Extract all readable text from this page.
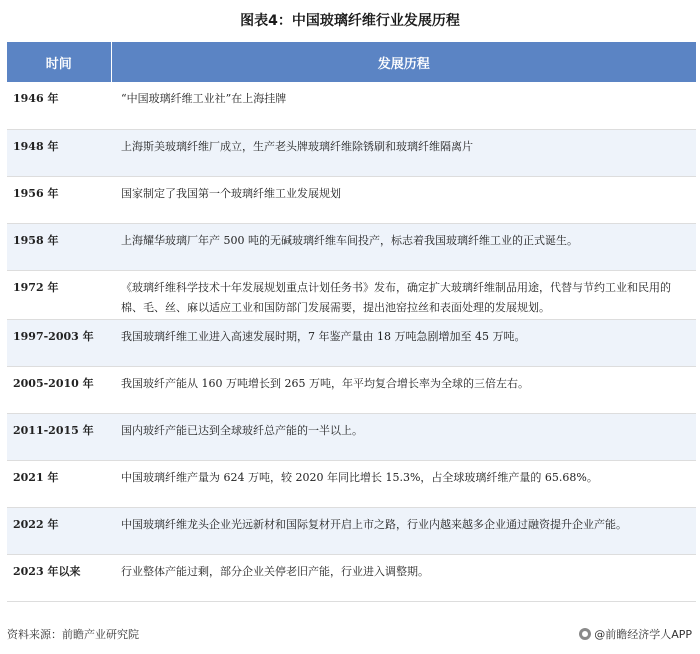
图表4：中国玻璃纤维行业发展历程
时间	发展历程
1946 年	“中国玻璃纤维工业社”在上海挂牌
1948 年	上海斯美玻璃纤维厂成立，生产老头牌玻璃纤维除锈刷和玻璃纤维隔离片
1956 年	国家制定了我国第一个玻璃纤维工业发展规划
1958 年	上海耀华玻璃厂年产 500 吨的无碱玻璃纤维车间投产，标志着我国玻璃纤维工业的正式诞生。
1972 年	《玻璃纤维科学技术十年发展规划重点计划任务书》发布，确定扩大玻璃纤维制品用途，代替与节约工业和民用的棉、毛、丝、麻以适应工业和国防部门发展需要，提出池窑拉丝和表面处理的发展规划。
1997-2003 年	我国玻璃纤维工业进入高速发展时期，7 年鉴产量由 18 万吨急剧增加至 45 万吨。
2005-2010 年	我国玻纤产能从 160 万吨增长到 265 万吨，年平均复合增长率为全球的三倍左右。
2011-2015 年	国内玻纤产能已达到全球玻纤总产能的一半以上。
2021 年	中国玻璃纤维产量为 624 万吨，较 2020 年同比增长 15.3%，占全球玻璃纤维产量的 65.68%。
2022 年	中国玻璃纤维龙头企业光远新材和国际复材开启上市之路，行业内越来越多企业通过融资提升企业产能。
2023 年以来	行业整体产能过剩，部分企业关停老旧产能，行业进入调整期。
资料来源：前瞻产业研究院	@前瞻经济学人APP
